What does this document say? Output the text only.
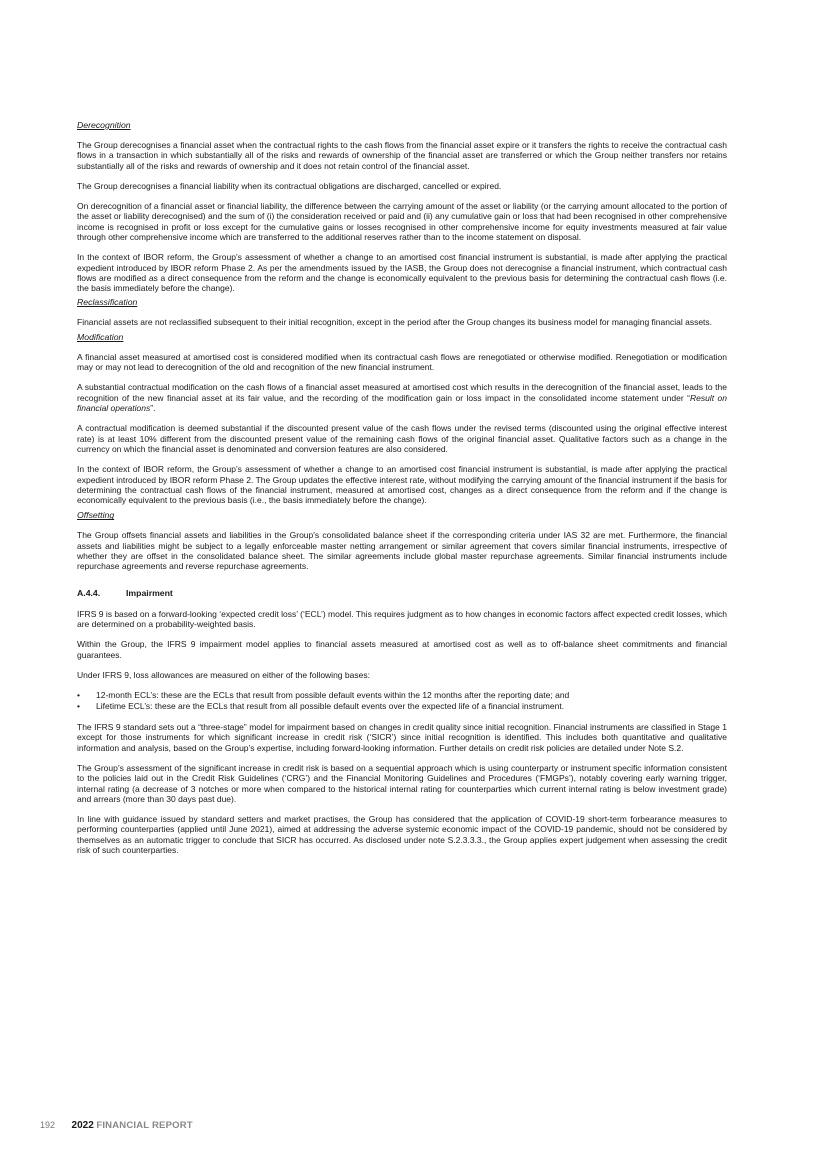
Derecognition

The Group derecognises a financial asset when the contractual rights to the cash flows from the financial asset expire or it transfers the rights to receive the contractual cash flows in a transaction in which substantially all of the risks and rewards of ownership of the financial asset are transferred or which the Group neither transfers nor retains substantially all of the risks and rewards of ownership and it does not retain control of the financial asset.

The Group derecognises a financial liability when its contractual obligations are discharged, cancelled or expired.

On derecognition of a financial asset or financial liability, the difference between the carrying amount of the asset or liability (or the carrying amount allocated to the portion of the asset or liability derecognised) and the sum of (i) the consideration received or paid and (ii) any cumulative gain or loss that had been recognised in other comprehensive income is recognised in profit or loss except for the cumulative gains or losses recognised in other comprehensive income for equity investments measured at fair value through other comprehensive income which are transferred to the additional reserves rather than to the income statement on disposal.

In the context of IBOR reform, the Group’s assessment of whether a change to an amortised cost financial instrument is substantial, is made after applying the practical expedient introduced by IBOR reform Phase 2. As per the amendments issued by the IASB, the Group does not derecognise a financial instrument, which contractual cash flows are modified as a direct consequence from the reform and the change is economically equivalent to the previous basis for determining the contractual cash flows (i.e. the basis immediately before the change).

Reclassification

Financial assets are not reclassified subsequent to their initial recognition, except in the period after the Group changes its business model for managing financial assets.

Modification

A financial asset measured at amortised cost is considered modified when its contractual cash flows are renegotiated or otherwise modified. Renegotiation or modification may or may not lead to derecognition of the old and recognition of the new financial instrument.

A substantial contractual modification on the cash flows of a financial asset measured at amortised cost which results in the derecognition of the financial asset, leads to the recognition of the new financial asset at its fair value, and the recording of the modification gain or loss impact in the consolidated income statement under “Result on financial operations”.

A contractual modification is deemed substantial if the discounted present value of the cash flows under the revised terms (discounted using the original effective interest rate) is at least 10% different from the discounted present value of the remaining cash flows of the original financial asset. Qualitative factors such as a change in the currency on which the financial asset is denominated and conversion features are also considered.

In the context of IBOR reform, the Group’s assessment of whether a change to an amortised cost financial instrument is substantial, is made after applying the practical expedient introduced by IBOR reform Phase 2. The Group updates the effective interest rate, without modifying the carrying amount of the financial instrument if the basis for determining the contractual cash flows of the financial instrument, measured at amortised cost, changes as a direct consequence from the reform and if the change is economically equivalent to the previous basis (i.e., the basis immediately before the change).

Offsetting

The Group offsets financial assets and liabilities in the Group's consolidated balance sheet if the corresponding criteria under IAS 32 are met. Furthermore, the financial assets and liabilities might be subject to a legally enforceable master netting arrangement or similar agreement that covers similar financial instruments, irrespective of whether they are offset in the consolidated balance sheet. The similar agreements include global master repurchase agreements. Similar financial instruments include repurchase agreements and reverse repurchase agreements.

A.4.4.	Impairment

IFRS 9 is based on a forward-looking ‘expected credit loss’ (‘ECL’) model. This requires judgment as to how changes in economic factors affect expected credit losses, which are determined on a probability-weighted basis.

Within the Group, the IFRS 9 impairment model applies to financial assets measured at amortised cost as well as to off-balance sheet commitments and financial guarantees.

Under IFRS 9, loss allowances are measured on either of the following bases:

• 12-month ECL’s: these are the ECLs that result from possible default events within the 12 months after the reporting date; and
• Lifetime ECL’s: these are the ECLs that result from all possible default events over the expected life of a financial instrument.

The IFRS 9 standard sets out a “three-stage” model for impairment based on changes in credit quality since initial recognition. Financial instruments are classified in Stage 1 except for those instruments for which significant increase in credit risk (‘SICR’) since initial recognition is identified. This includes both quantitative and qualitative information and analysis, based on the Group’s expertise, including forward-looking information. Further details on credit risk policies are detailed under Note S.2.

The Group’s assessment of the significant increase in credit risk is based on a sequential approach which is using counterparty or instrument specific information consistent to the policies laid out in the Credit Risk Guidelines (‘CRG’) and the Financial Monitoring Guidelines and Procedures (‘FMGPs’), notably covering early warning trigger, internal rating (a decrease of 3 notches or more when compared to the historical internal rating for counterparties which current internal rating is below investment grade) and arrears (more than 30 days past due).

In line with guidance issued by standard setters and market practises, the Group has considered that the application of COVID-19 short-term forbearance measures to performing counterparties (applied until June 2021), aimed at addressing the adverse systemic economic impact of the COVID-19 pandemic, should not be considered by themselves as an automatic trigger to conclude that SICR has occurred. As disclosed under note S.2.3.3.3., the Group applies expert judgement when assessing the credit risk of such counterparties.

192 2022 FINANCIAL REPORT
